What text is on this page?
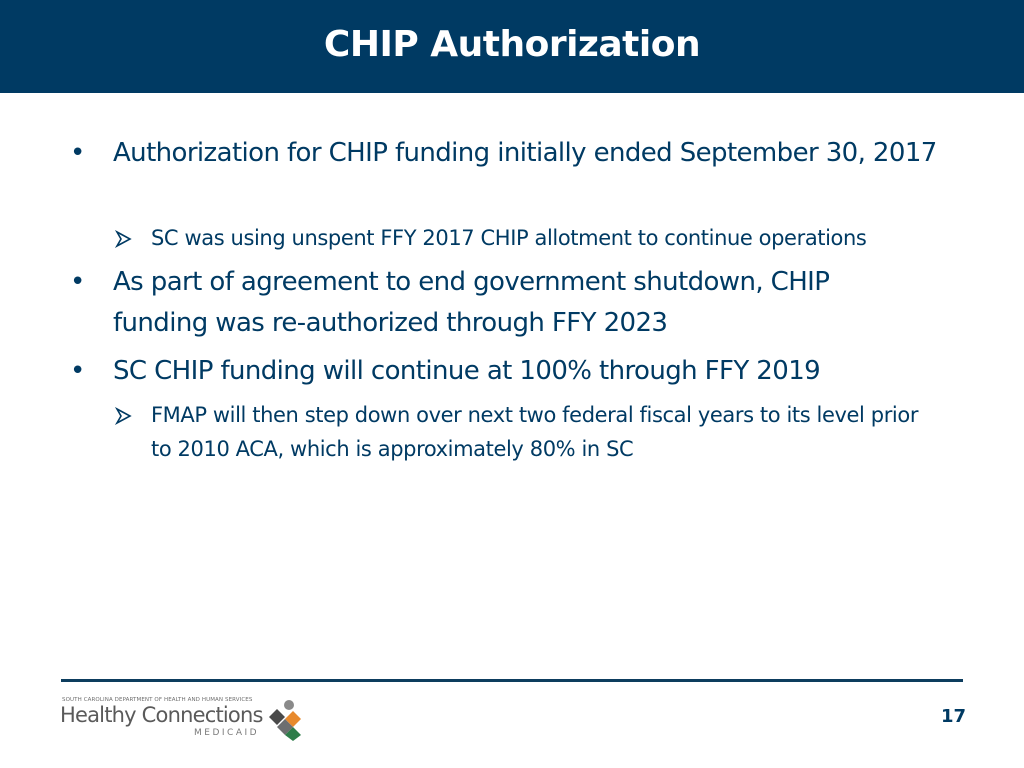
CHIP Authorization
•	Authorization for CHIP funding initially ended September 30, 2017
SC was using unspent FFY 2017 CHIP allotment to continue operations
•	As part of agreement to end government shutdown, CHIP funding was re-authorized through FFY 2023
•	SC CHIP funding will continue at 100% through FFY 2019
FMAP will then step down over next two federal fiscal years to its level prior to 2010 ACA, which is approximately 80% in SC
SOUTH CAROLINA DEPARTMENT OF HEALTH AND HUMAN SERVICES
Healthy Connections
MEDICAID
17
